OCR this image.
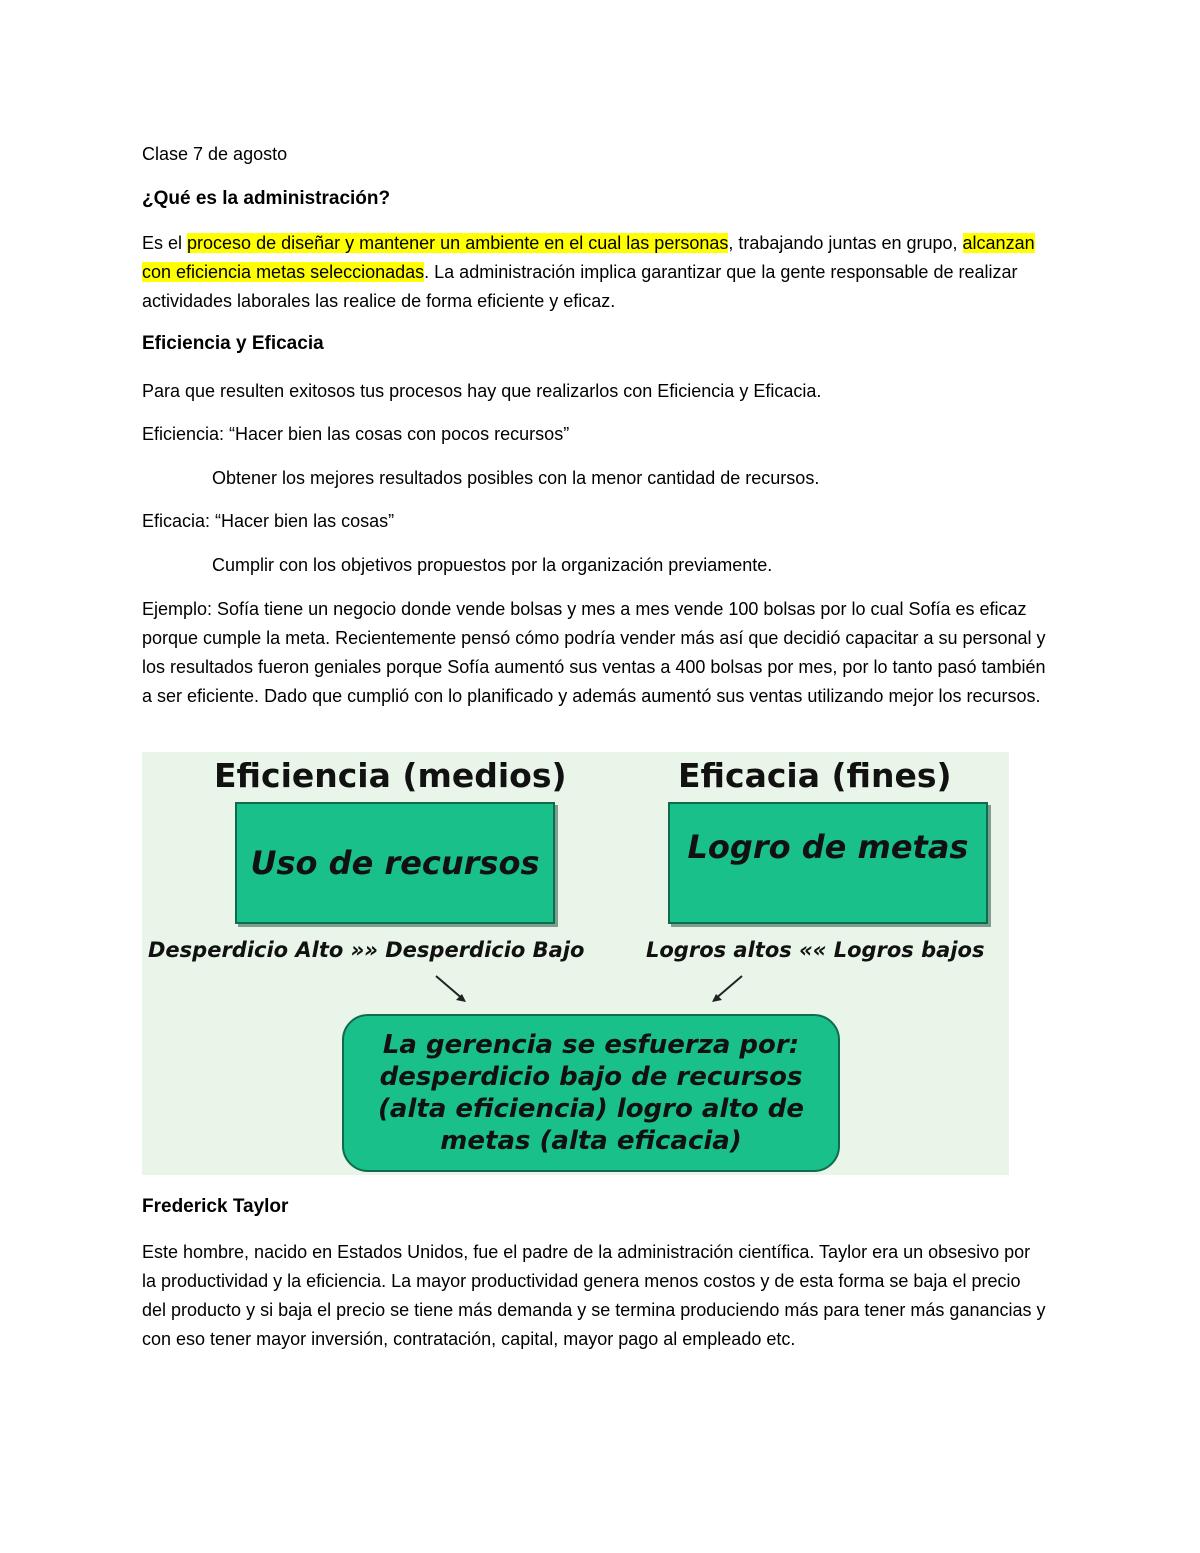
Clase 7 de agosto

¿Qué es la administración?

Es el proceso de diseñar y mantener un ambiente en el cual las personas, trabajando juntas en grupo, alcanzan con eficiencia metas seleccionadas. La administración implica garantizar que la gente responsable de realizar actividades laborales las realice de forma eficiente y eficaz.

Eficiencia y Eficacia

Para que resulten exitosos tus procesos hay que realizarlos con Eficiencia y Eficacia.

Eficiencia: “Hacer bien las cosas con pocos recursos”

Obtener los mejores resultados posibles con la menor cantidad de recursos.

Eficacia: “Hacer bien las cosas”

Cumplir con los objetivos propuestos por la organización previamente.

Ejemplo: Sofía tiene un negocio donde vende bolsas y mes a mes vende 100 bolsas por lo cual Sofía es eficaz porque cumple la meta. Recientemente pensó cómo podría vender más así que decidió capacitar a su personal y los resultados fueron geniales porque Sofía aumentó sus ventas a 400 bolsas por mes, por lo tanto pasó también a ser eficiente. Dado que cumplió con lo planificado y además aumentó sus ventas utilizando mejor los recursos.

Eficiencia (medios)	Eficacia (fines)
Uso de recursos	Logro de metas
Desperdicio Alto »» Desperdicio Bajo	Logros altos «« Logros bajos
La gerencia se esfuerza por:
desperdicio bajo de recursos
(alta eficiencia) logro alto de
metas (alta eficacia)

Frederick Taylor

Este hombre, nacido en Estados Unidos, fue el padre de la administración científica. Taylor era un obsesivo por la productividad y la eficiencia. La mayor productividad genera menos costos y de esta forma se baja el precio del producto y si baja el precio se tiene más demanda y se termina produciendo más para tener más ganancias y con eso tener mayor inversión, contratación, capital, mayor pago al empleado etc.
